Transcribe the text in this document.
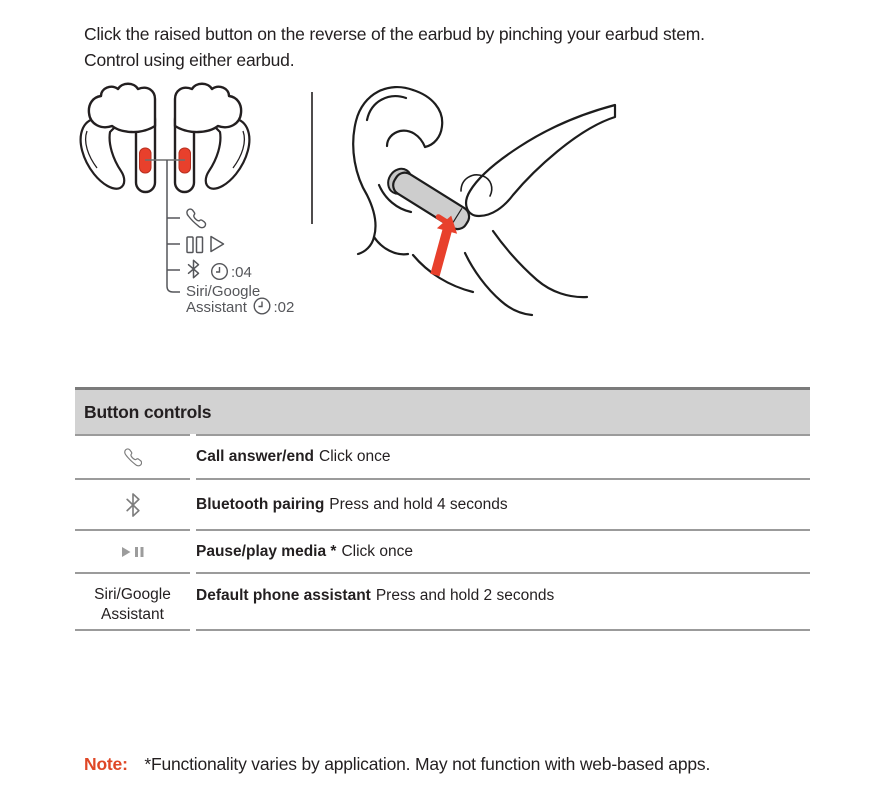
Click the raised button on the reverse of the earbud by pinching your earbud stem.
Control using either earbud.
:04
Siri/Google
Assistant :02
Button controls
Call answer/end Click once
Bluetooth pairing Press and hold 4 seconds
Pause/play media * Click once
Siri/Google Assistant
Default phone assistant Press and hold 2 seconds

Note: *Functionality varies by application. May not function with web-based apps.
